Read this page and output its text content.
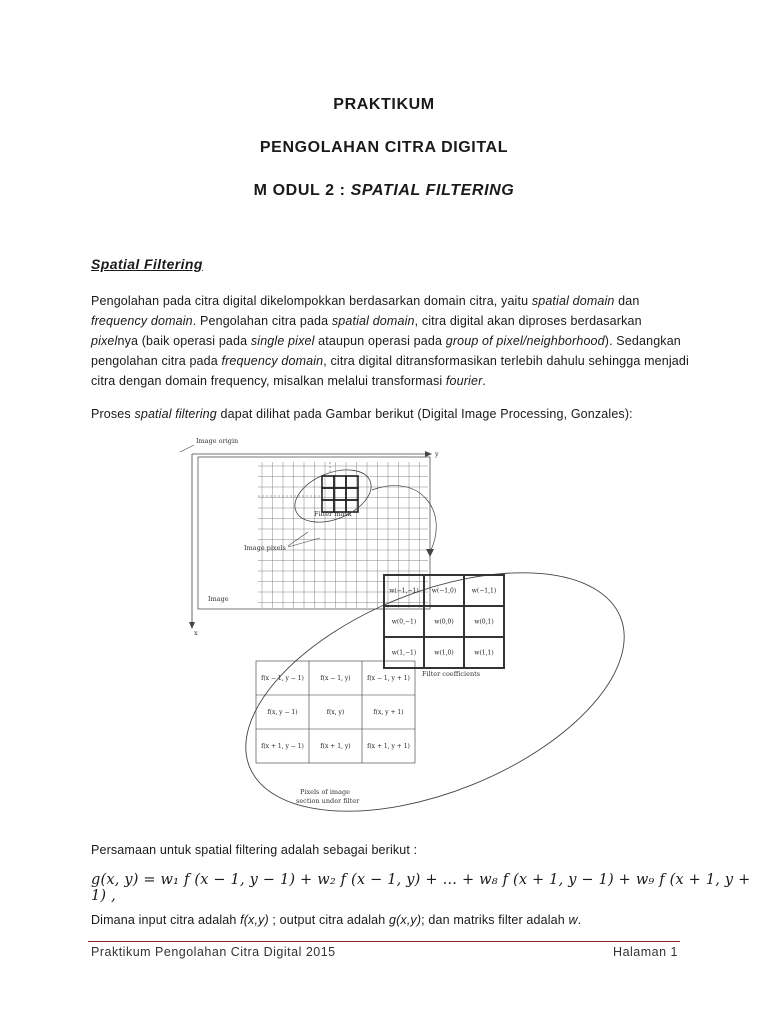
PRAKTIKUM

PENGOLAHAN CITRA DIGITAL

M ODUL 2 : SPATIAL FILTERING

Spatial Filtering
Pengolahan pada citra digital dikelompokkan berdasarkan domain citra, yaitu spatial domain dan frequency domain. Pengolahan citra pada spatial domain, citra digital akan diproses berdasarkan pixelnya (baik operasi pada single pixel ataupun operasi pada group of pixel/neighborhood). Sedangkan pengolahan citra pada frequency domain, citra digital ditransformasikan terlebih dahulu sehingga menjadi citra dengan domain frequency, misalkan melalui transformasi fourier.
Proses spatial filtering dapat dilihat pada Gambar berikut (Digital Image Processing, Gonzales):
y
x
Image origin
Image
Filter mask
Image pixels
w(−1,−1) w(−1,0)	w(−1,1)
w(0,−1)	w(0,0)	w(0,1)
w(1,−1)	w(1,0)	w(1,1)
Filter coefficients
f(x − 1, y − 1)	f(x − 1, y)	f(x − 1, y + 1)
f(x, y − 1)	f(x, y)	f(x, y + 1)
f(x + 1, y − 1)	f(x + 1, y)	f(x + 1, y + 1)
Pixels of image
section under filter
Persamaan untuk spatial filtering adalah sebagai berikut :
g(x, y) = w₁ f (x − 1, y − 1) + w₂ f (x − 1, y) + … + w₈ f (x + 1, y − 1) + w₉ f (x + 1, y + 1) ,
Dimana input citra adalah f(x,y) ; output citra adalah g(x,y); dan matriks filter adalah w.
Praktikum Pengolahan Citra Digital 2015	Halaman 1
